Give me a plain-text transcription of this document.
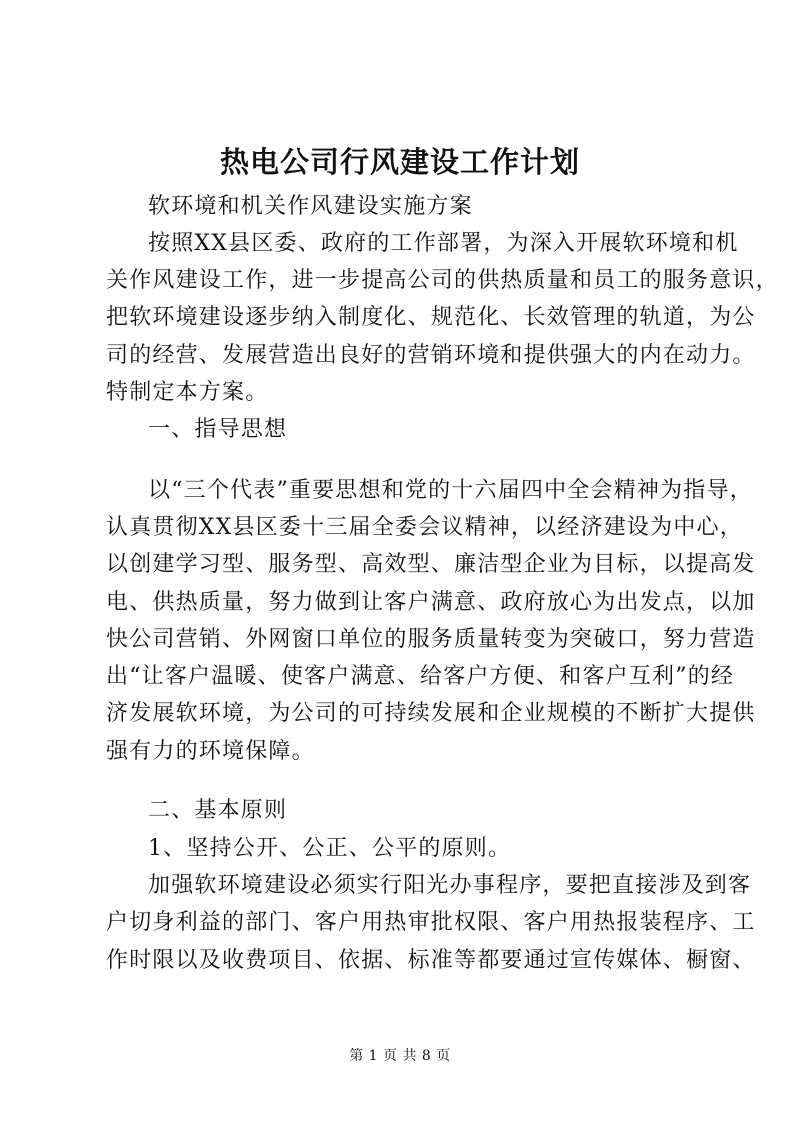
热电公司行风建设工作计划
软环境和机关作风建设实施方案
按照XX县区委、政府的工作部署，为深入开展软环境和机
关作风建设工作，进一步提高公司的供热质量和员工的服务意识，
把软环境建设逐步纳入制度化、规范化、长效管理的轨道，为公
司的经营、发展营造出良好的营销环境和提供强大的内在动力。
特制定本方案。
一、指导思想
以“三个代表”重要思想和党的十六届四中全会精神为指导，
认真贯彻XX县区委十三届全委会议精神，以经济建设为中心，
以创建学习型、服务型、高效型、廉洁型企业为目标，以提高发
电、供热质量，努力做到让客户满意、政府放心为出发点，以加
快公司营销、外网窗口单位的服务质量转变为突破口，努力营造
出“让客户温暖、使客户满意、给客户方便、和客户互利”的经
济发展软环境，为公司的可持续发展和企业规模的不断扩大提供
强有力的环境保障。
二、基本原则
1、坚持公开、公正、公平的原则。
加强软环境建设必须实行阳光办事程序，要把直接涉及到客
户切身利益的部门、客户用热审批权限、客户用热报装程序、工
作时限以及收费项目、依据、标准等都要通过宣传媒体、橱窗、
第 1 页 共 8 页
